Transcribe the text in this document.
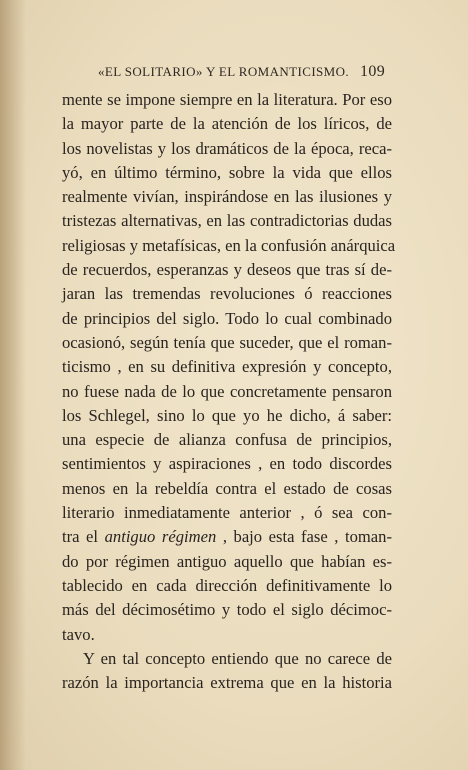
«EL SOLITARIO» Y EL ROMANTICISMO. 109
mente se impone siempre en la literatura. Por eso
la mayor parte de la atención de los líricos, de
los novelistas y los dramáticos de la época, reca-
yó, en último término, sobre la vida que ellos
realmente vivían, inspirándose en las ilusiones y
tristezas alternativas, en las contradictorias dudas
religiosas y metafísicas, en la confusión anárquica
de recuerdos, esperanzas y deseos que tras sí de-
jaran las tremendas revoluciones ó reacciones
de principios del siglo. Todo lo cual combinado
ocasionó, según tenía que suceder, que el roman-
ticismo , en su definitiva expresión y concepto,
no fuese nada de lo que concretamente pensaron
los Schlegel, sino lo que yo he dicho, á saber:
una especie de alianza confusa de principios,
sentimientos y aspiraciones , en todo discordes
menos en la rebeldía contra el estado de cosas
literario inmediatamente anterior , ó sea con-
tra el antiguo régimen , bajo esta fase , toman-
do por régimen antiguo aquello que habían es-
tablecido en cada dirección definitivamente lo
más del décimosétimo y todo el siglo décimoc-
tavo.
Y en tal concepto entiendo que no carece de
razón la importancia extrema que en la historia
